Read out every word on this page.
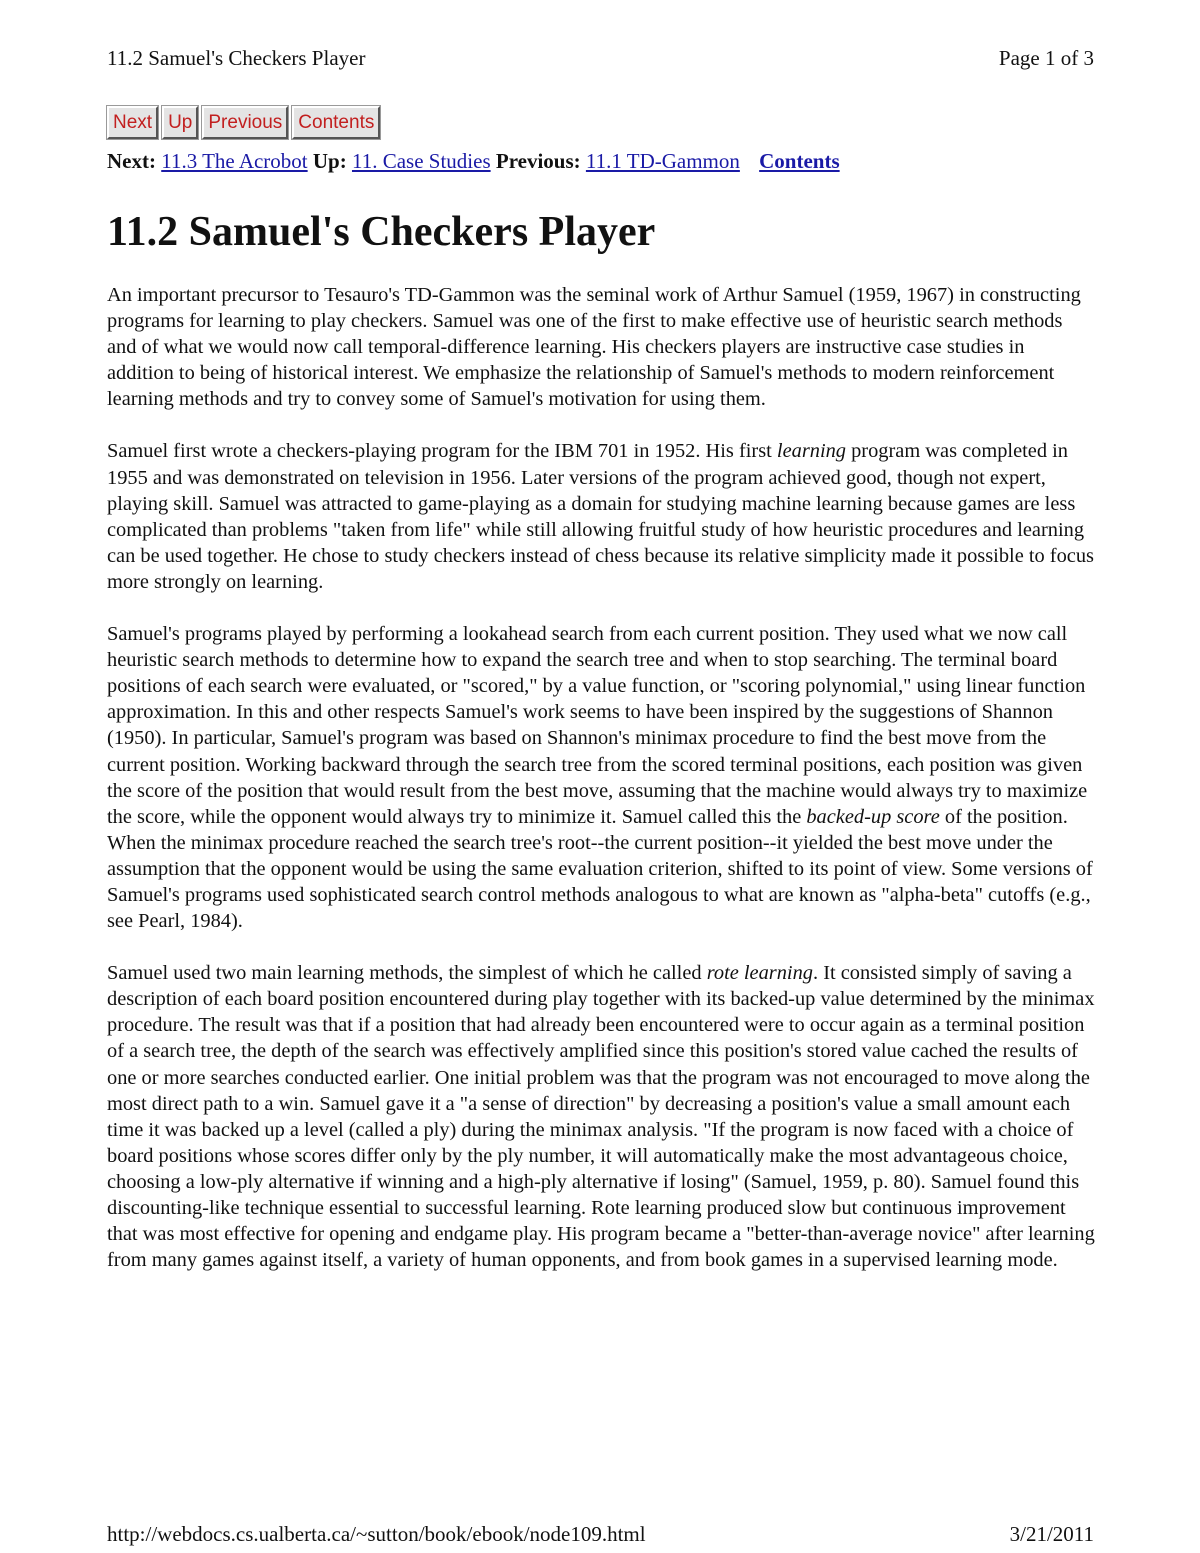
11.2 Samuel's Checkers Player	Page 1 of 3
Next Up Previous Contents
Next: 11.3 The Acrobot Up: 11. Case Studies Previous: 11.1 TD-Gammon Contents
11.2 Samuel's Checkers Player

An important precursor to Tesauro's TD-Gammon was the seminal work of Arthur Samuel (1959, 1967) in constructing programs for learning to play checkers. Samuel was one of the first to make effective use of heuristic search methods and of what we would now call temporal-difference learning. His checkers players are instructive case studies in addition to being of historical interest. We emphasize the relationship of Samuel's methods to modern reinforcement learning methods and try to convey some of Samuel's motivation for using them.

Samuel first wrote a checkers-playing program for the IBM 701 in 1952. His first learning program was completed in 1955 and was demonstrated on television in 1956. Later versions of the program achieved good, though not expert, playing skill. Samuel was attracted to game-playing as a domain for studying machine learning because games are less complicated than problems "taken from life" while still allowing fruitful study of how heuristic procedures and learning can be used together. He chose to study checkers instead of chess because its relative simplicity made it possible to focus more strongly on learning.

Samuel's programs played by performing a lookahead search from each current position. They used what we now call heuristic search methods to determine how to expand the search tree and when to stop searching. The terminal board positions of each search were evaluated, or "scored," by a value function, or "scoring polynomial," using linear function approximation. In this and other respects Samuel's work seems to have been inspired by the suggestions of Shannon (1950). In particular, Samuel's program was based on Shannon's minimax procedure to find the best move from the current position. Working backward through the search tree from the scored terminal positions, each position was given the score of the position that would result from the best move, assuming that the machine would always try to maximize the score, while the opponent would always try to minimize it. Samuel called this the backed-up score of the position. When the minimax procedure reached the search tree's root--the current position--it yielded the best move under the assumption that the opponent would be using the same evaluation criterion, shifted to its point of view. Some versions of Samuel's programs used sophisticated search control methods analogous to what are known as "alpha-beta" cutoffs (e.g., see Pearl, 1984).

Samuel used two main learning methods, the simplest of which he called rote learning. It consisted simply of saving a description of each board position encountered during play together with its backed-up value determined by the minimax procedure. The result was that if a position that had already been encountered were to occur again as a terminal position of a search tree, the depth of the search was effectively amplified since this position's stored value cached the results of one or more searches conducted earlier. One initial problem was that the program was not encouraged to move along the most direct path to a win. Samuel gave it a "a sense of direction" by decreasing a position's value a small amount each time it was backed up a level (called a ply) during the minimax analysis. "If the program is now faced with a choice of board positions whose scores differ only by the ply number, it will automatically make the most advantageous choice, choosing a low-ply alternative if winning and a high-ply alternative if losing" (Samuel, 1959, p. 80). Samuel found this discounting-like technique essential to successful learning. Rote learning produced slow but continuous improvement that was most effective for opening and endgame play. His program became a "better-than-average novice" after learning from many games against itself, a variety of human opponents, and from book games in a supervised learning mode.

http://webdocs.cs.ualberta.ca/~sutton/book/ebook/node109.html	3/21/2011
